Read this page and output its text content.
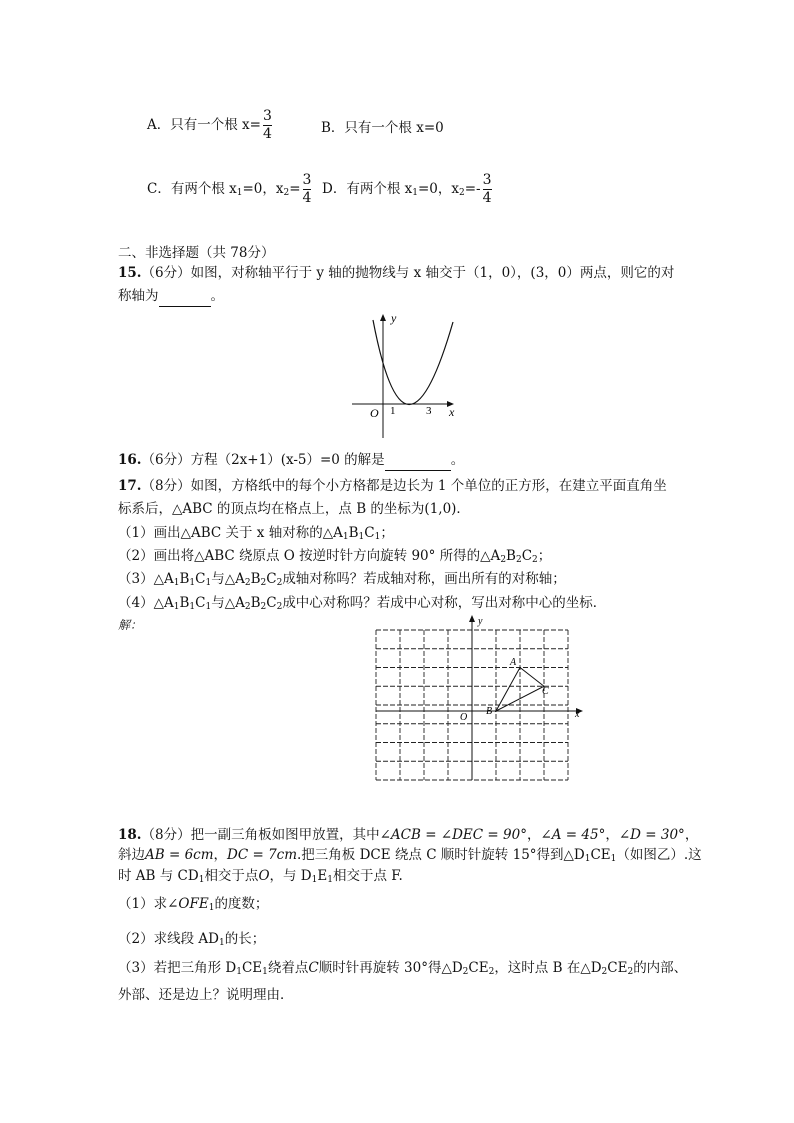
A．只有一个根 $x= \frac{3}{4}$	B．只有一个根 x=0
C．有两个根 $x_1=0$，$x_2= \frac{3}{4}$ D．有两个根 $x_1=0$，$x_2=- \frac{3}{4}$
二、非选择题（共 78分）
15.（6分）如图，对称轴平行于 y 轴的抛物线与 x 轴交于（1，0），(3，0）两点，则它的对
称轴为	。
y
x
O 1	3
16.（6分）方程（2x+1）(x-5）=0 的解是	。
17.（8分）如图，方格纸中的每个小方格都是边长为 1 个单位的正方形，在建立平面直角坐
标系后，△ABC 的顶点均在格点上，点 B 的坐标为(1,0)．
（1）画出△ABC 关于 x 轴对称的$\triangle A_1B_1C_1$；
（2）画出将△ABC 绕原点 O 按逆时针方向旋转 90° 所得的$\triangle A_2B_2C_2$；
$(3)\triangle A_1B_1C_1$与$\triangle A_2B_2C_2$成轴对称吗？若成轴对称，画出所有的对称轴；
$(4)\triangle A_1B_1C_1$与$\triangle A_2B_2C_2$成中心对称吗？若成中心对称，写出对称中心的坐标．
解：	y
x
O
A
B
C
18.（8分）把一副三角板如图甲放置，其中∠ACB = ∠DEC = 90°，∠A = 45°，∠D = 30°，
斜边AB = 6cm，DC = 7cm.把三角板 DCE 绕点 C 顺时针旋转 15°得到$\triangle D_1CE_1$（如图乙）.这
时 AB 与 $CD_1$相交于点O，与 $D_1E_1$相交于点 F.
（1）求$\angle OFE_1$的度数；
（2）求线段 $AD_1$的长；
（3）若把三角形 $D_1CE_1$绕着点C顺时针再旋转 30°得$\triangle D_2CE_2$，这时点 B 在$\triangle D_2CE_2$的内部、
外部、还是边上？说明理由．
